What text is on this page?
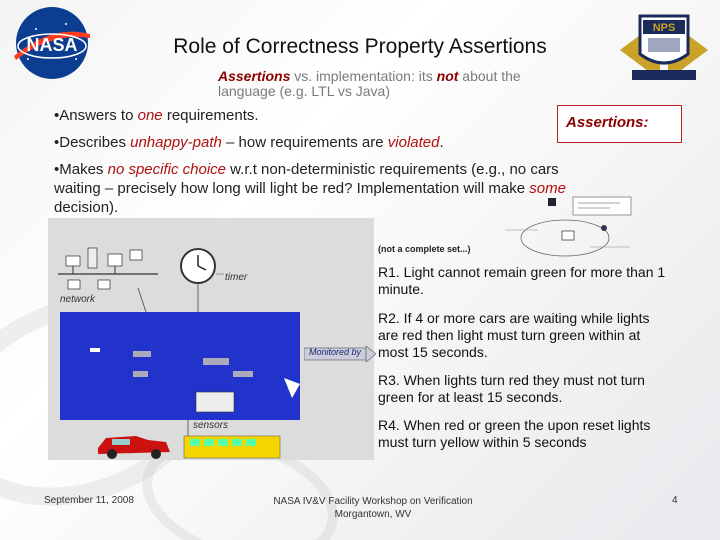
NASA
NPS
Role of Correctness Property Assertions
Assertions vs. implementation: its not about the language (e.g. LTL vs Java)
Assertions:
•Answers to one requirements.
•Describes unhappy-path – how requirements are violated.
•Makes no specific choice w.r.t non-deterministic requirements (e.g., no cars waiting – precisely how long will light be red? Implementation will make some decision).
network
timer
sensors
Monitored by
(not a complete set...)
R1. Light cannot remain green for more than 1 minute.
R2. If 4 or more cars are waiting while lights are red then light must turn green within at most 15 seconds.
R3. When lights turn red they must not turn green for at least 15 seconds.
R4. When red or green the upon reset lights must turn yellow within 5 seconds
September 11, 2008	NASA IV&V Facility Workshop on Verification
Morgantown, WV
4
